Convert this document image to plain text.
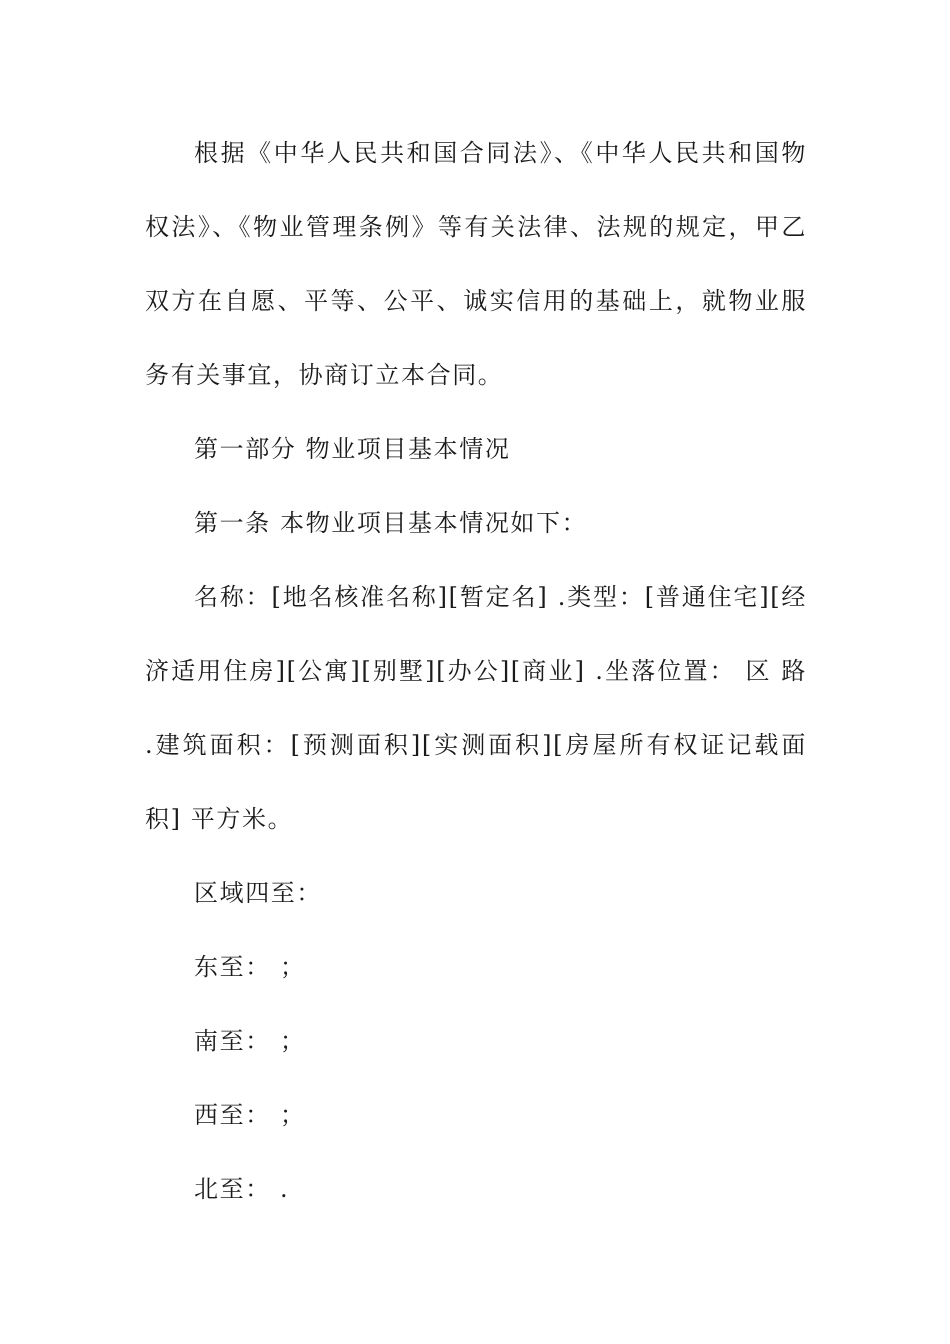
根据《中华人民共和国合同法》、《中华人民共和国物权法》、《物业管理条例》等有关法律、法规的规定，甲乙双方在自愿、平等、公平、诚实信用的基础上，就物业服务有关事宜，协商订立本合同。

第一部分 物业项目基本情况

第一条 本物业项目基本情况如下：

名称：[地名核准名称][暂定名] .类型：[普通住宅][经济适用住房][公寓][别墅][办公][商业] .坐落位置： 区 路 .建筑面积：[预测面积][实测面积][房屋所有权证记载面积] 平方米。

区域四至：

东至： ；

南至： ；

西至： ；

北至： .
